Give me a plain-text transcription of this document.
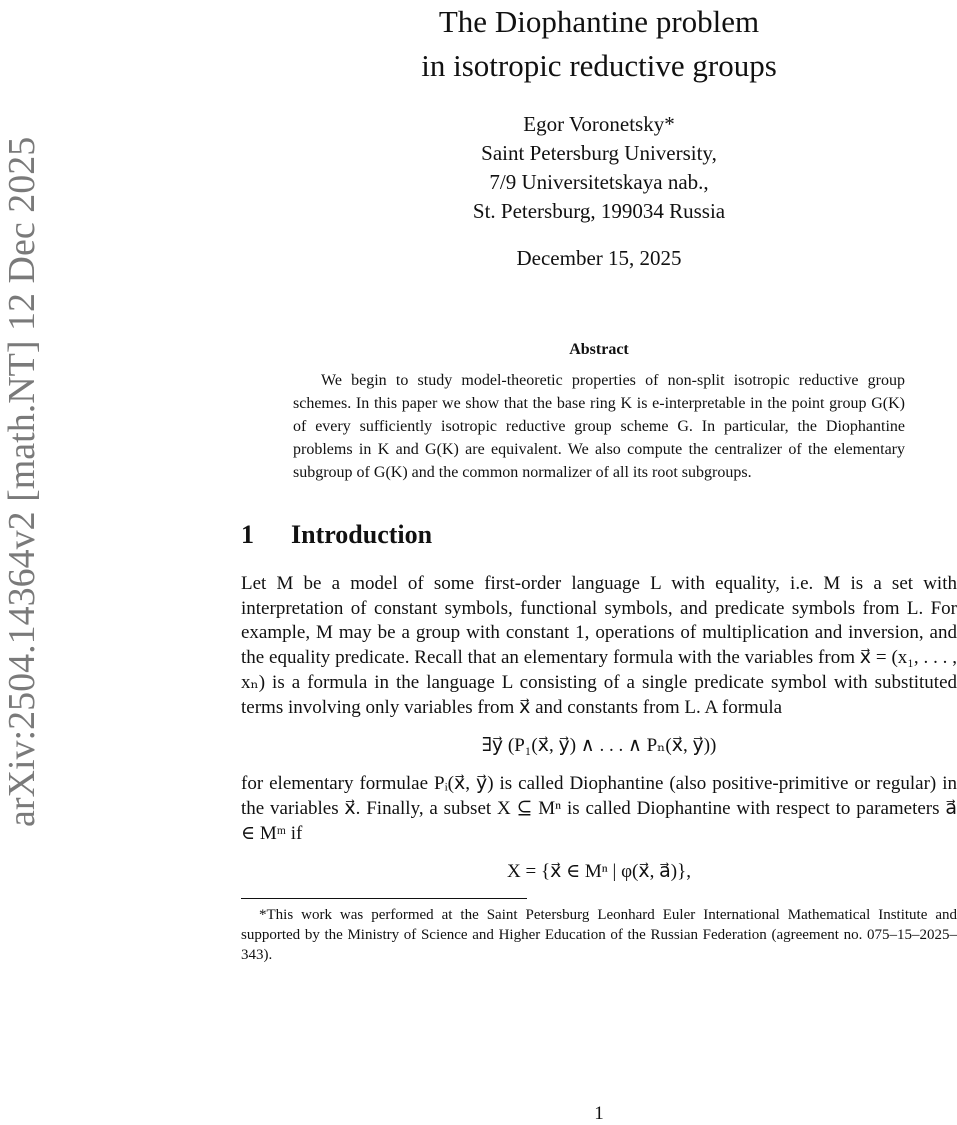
arXiv:2504.14364v2 [math.NT] 12 Dec 2025
The Diophantine problem
in isotropic reductive groups
Egor Voronetsky*
Saint Petersburg University,
7/9 Universitetskaya nab.,
St. Petersburg, 199034 Russia
December 15, 2025
Abstract
We begin to study model-theoretic properties of non-split isotropic reductive group schemes. In this paper we show that the base ring K is e-interpretable in the point group G(K) of every sufficiently isotropic reductive group scheme G. In particular, the Diophantine problems in K and G(K) are equivalent. We also compute the centralizer of the elementary subgroup of G(K) and the common normalizer of all its root subgroups.
1 Introduction
Let M be a model of some first-order language L with equality, i.e. M is a set with interpretation of constant symbols, functional symbols, and predicate symbols from L. For example, M may be a group with constant 1, operations of multiplication and inversion, and the equality predicate. Recall that an elementary formula with the variables from x⃗ = (x₁, . . . , xₙ) is a formula in the language L consisting of a single predicate symbol with substituted terms involving only variables from x⃗ and constants from L. A formula
∃y⃗ (P₁(x⃗, y⃗) ∧ . . . ∧ Pₙ(x⃗, y⃗))
for elementary formulae Pᵢ(x⃗, y⃗) is called Diophantine (also positive-primitive or regular) in the variables x⃗. Finally, a subset X ⊆ Mⁿ is called Diophantine with respect to parameters a⃗ ∈ Mᵐ if
X = {x⃗ ∈ Mⁿ | φ(x⃗, a⃗)},
*This work was performed at the Saint Petersburg Leonhard Euler International Mathematical Institute and supported by the Ministry of Science and Higher Education of the Russian Federation (agreement no. 075–15–2025–343).
1
